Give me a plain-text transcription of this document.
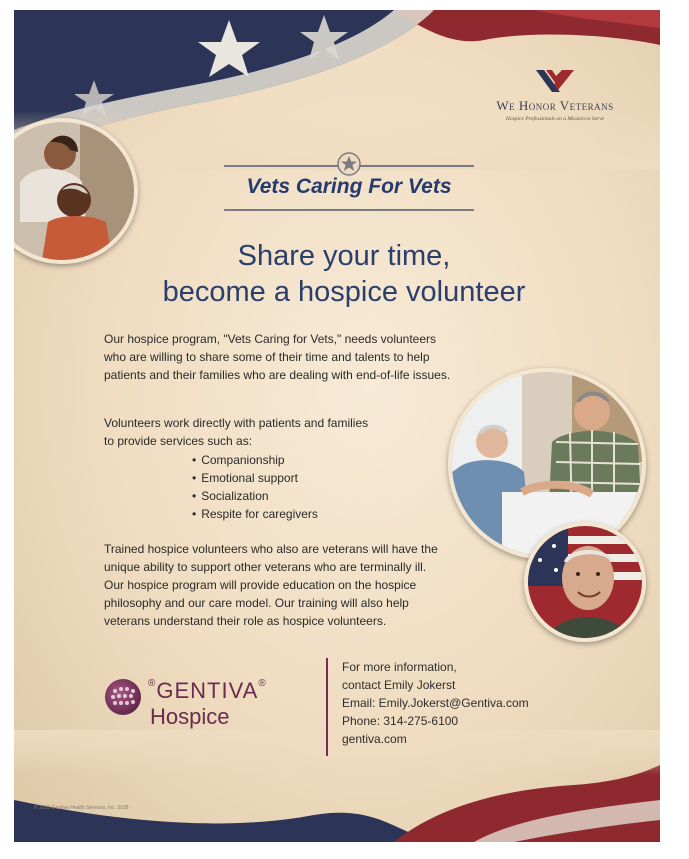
We Honor Veterans
Hospice Professionals on a Mission to Serve
Vets Caring For Vets
Share your time,
become a hospice volunteer
Our hospice program, "Vets Caring for Vets," needs volunteers
who are willing to share some of their time and talents to help
patients and their families who are dealing with end-of-life issues.
Volunteers work directly with patients and families
to provide services such as:
• Companionship
• Emotional support
• Socialization
• Respite for caregivers
Trained hospice volunteers who also are veterans will have the
unique ability to support other veterans who are terminally ill.
Our hospice program will provide education on the hospice
philosophy and our care model. Our training will also help
veterans understand their role as hospice volunteers.
®GENTIVA®
Hospice
For more information,
contact Emily Jokerst
Email: Emily.Jokerst@Gentiva.com
Phone: 314-275-6100
gentiva.com
© 2013 Gentiva Health Services, Inc. 3038
